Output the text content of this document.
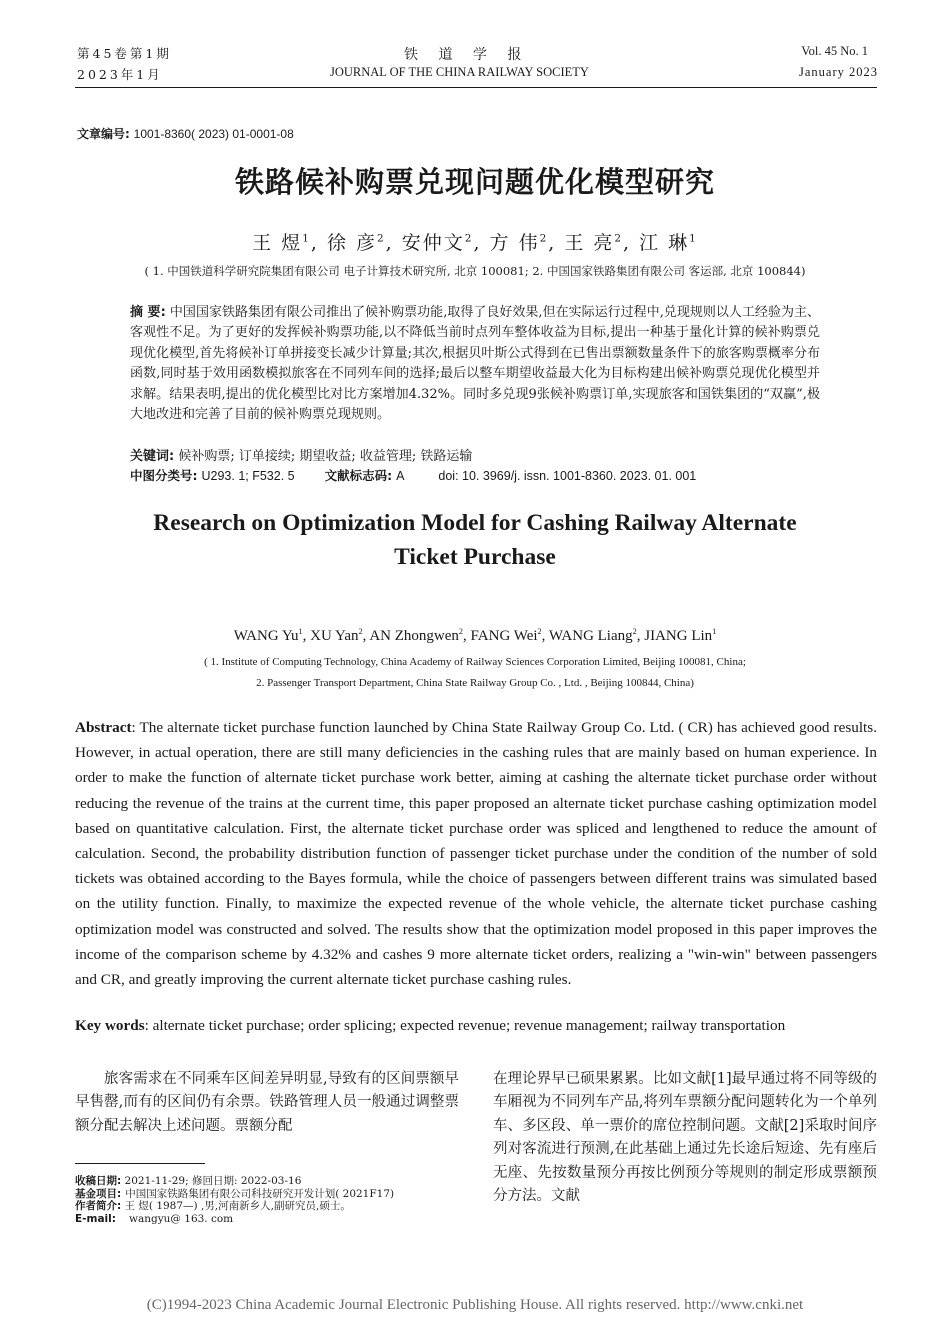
第45卷第1期
2023年1月
铁 道 学 报
JOURNAL OF THE CHINA RAILWAY SOCIETY
Vol. 45 No. 1
January 2023
文章编号: 1001-8360( 2023) 01-0001-08
铁路候补购票兑现问题优化模型研究
王 煜$^1$, 徐 彦$^2$, 安仲文$^2$, 方 伟$^2$, 王 亮$^2$, 江 琳$^1$
( 1. 中国铁道科学研究院集团有限公司 电子计算技术研究所, 北京 100081; 2. 中国国家铁路集团有限公司 客运部, 北京 100844)
摘 要: 中国国家铁路集团有限公司推出了候补购票功能,取得了良好效果,但在实际运行过程中,兑现规则以人工经验为主、客观性不足。为了更好的发挥候补购票功能,以不降低当前时点列车整体收益为目标,提出一种基于量化计算的候补购票兑现优化模型,首先将候补订单拼接变长减少计算量;其次,根据贝叶斯公式得到在已售出票额数量条件下的旅客购票概率分布函数,同时基于效用函数模拟旅客在不同列车间的选择;最后以整车期望收益最大化为目标构建出候补购票兑现优化模型并求解。结果表明,提出的优化模型比对比方案增加4.32%。同时多兑现9张候补购票订单,实现旅客和国铁集团的“双赢”,极大地改进和完善了目前的候补购票兑现规则。
关键词: 候补购票; 订单接续; 期望收益; 收益管理; 铁路运输
中图分类号: U293. 1; F532. 5 文献标志码: A	doi: 10. 3969/j. issn. 1001-8360. 2023. 01. 001
Research on Optimization Model for Cashing Railway Alternate
Ticket Purchase
WANG Yu$^1$, XU Yan$^2$, AN Zhongwen$^2$, FANG Wei$^2$, WANG Liang$^2$, JIANG Lin$^1$
( 1. Institute of Computing Technology, China Academy of Railway Sciences Corporation Limited, Beijing 100081, China;
2. Passenger Transport Department, China State Railway Group Co. , Ltd. , Beijing 100844, China)
Abstract: The alternate ticket purchase function launched by China State Railway Group Co. Ltd. ( CR) has achieved good results. However, in actual operation, there are still many deficiencies in the cashing rules that are mainly based on human experience. In order to make the function of alternate ticket purchase work better, aiming at cashing the alternate ticket purchase order without reducing the revenue of the trains at the current time, this paper proposed an alternate ticket purchase cashing optimization model based on quantitative calculation. First, the alternate ticket purchase order was spliced and lengthened to reduce the amount of calculation. Second, the probability distribution function of passenger ticket purchase under the condition of the number of sold tickets was obtained according to the Bayes formula, while the choice of passengers between different trains was simulated based on the utility function. Finally, to maximize the expected revenue of the whole vehicle, the alternate ticket purchase cashing optimization model was constructed and solved. The results show that the optimization model proposed in this paper improves the income of the comparison scheme by 4.32% and cashes 9 more alternate ticket orders, realizing a "win-win" between passengers and CR, and greatly improving the current alternate ticket purchase cashing rules.
Key words: alternate ticket purchase; order splicing; expected revenue; revenue management; railway transportation
旅客需求在不同乘车区间差异明显,导致有的区间票额早早售罄,而有的区间仍有余票。铁路管理人员一般通过调整票额分配去解决上述问题。票额分配
在理论界早已硕果累累。比如文献[1]最早通过将不同等级的车厢视为不同列车产品,将列车票额分配问题转化为一个单列车、多区段、单一票价的席位控制问题。文献[2]采取时间序列对客流进行预测,在此基础上通过先长途后短途、先有座后无座、先按数量预分再按比例预分等规则的制定形成票额预分方法。文献
收稿日期: 2021-11-29; 修回日期: 2022-03-16
基金项目: 中国国家铁路集团有限公司科技研究开发计划( 2021F17)
作者简介: 王 煜( 1987—) ,男,河南新乡人,副研究员,硕士。
E-mail: wangyu@ 163. com
(C)1994-2023 China Academic Journal Electronic Publishing House. All rights reserved. http://www.cnki.net
